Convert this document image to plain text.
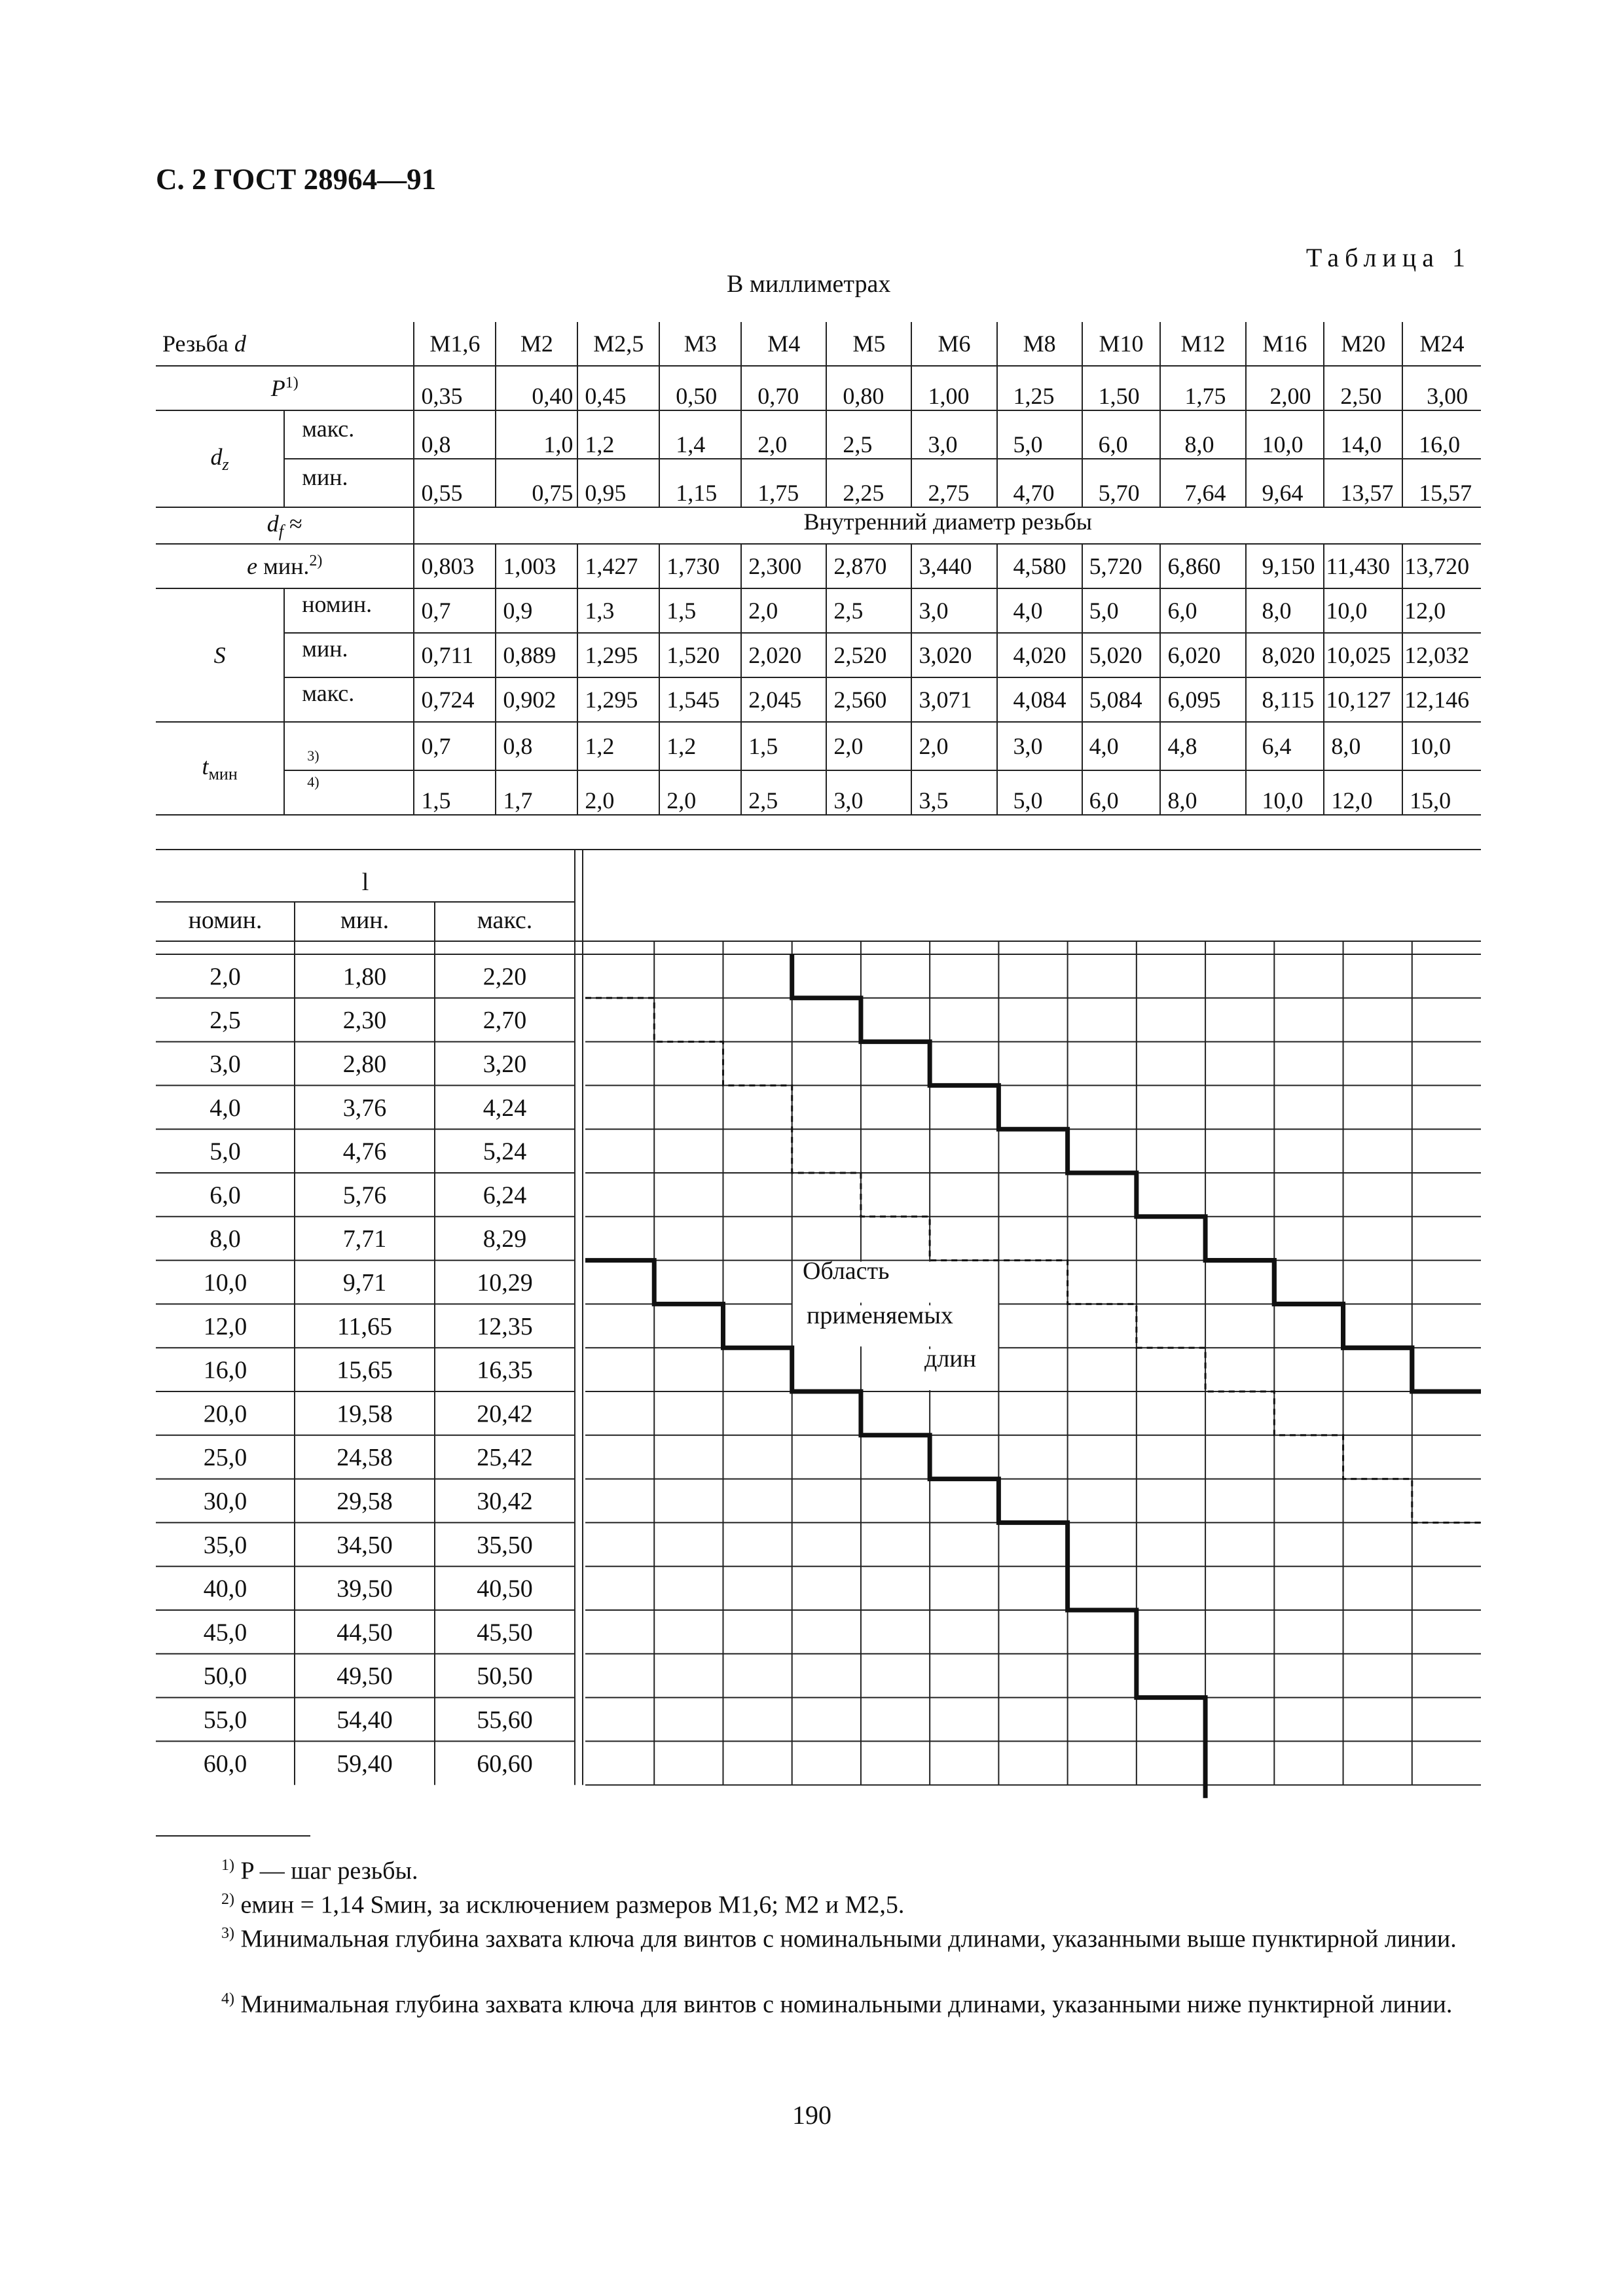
С. 2 ГОСТ 28964—91
Таблица 1
В миллиметрах
Резьба d		М1,6	М2	М2,5	М3	М4	М5	М6	М8	М10	М12	М16	М20	М24
$P^{1)}$		0,35	0,40	0,45	0,50	0,70	0,80	1,00	1,25	1,50	1,75	2,00	2,50	3,00
$d_z$	макс.	0,8	1,0	1,2	1,4	2,0	2,5	3,0	5,0	6,0	8,0	10,0	14,0	16,0
	мин.	0,55	0,75	0,95	1,15	1,75	2,25	2,75	4,70	5,70	7,64	9,64	13,57	15,57
$d_f$ ≈		Внутренний диаметр резьбы												
e мин.$^{2)}$		0,803	1,003	1,427	1,730	2,300	2,870	3,440	4,580	5,720	6,860	9,150	11,430	13,720
S	номин.	0,7	0,9	1,3	1,5	2,0	2,5	3,0	4,0	5,0	6,0	8,0	10,0	12,0
	мин.	0,711	0,889	1,295	1,520	2,020	2,520	3,020	4,020	5,020	6,020	8,020	10,025	12,032
	макс.	0,724	0,902	1,295	1,545	2,045	2,560	3,071	4,084	5,084	6,095	8,115	10,127	12,146
$t_{мин}$	3)	0,7	0,8	1,2	1,2	1,5	2,0	2,0	3,0	4,0	4,8	6,4	8,0	10,0
	4)	1,5	1,7	2,0	2,0	2,5	3,0	3,5	5,0	6,0	8,0	10,0	12,0	15,0
l
номин.	мин.	макс.
2,0	1,80	2,20
2,5	2,30	2,70
3,0	2,80	3,20
4,0	3,76	4,24
5,0	4,76	5,24
6,0	5,76	6,24
8,0	7,71	8,29
10,0	9,71	10,29
12,0	11,65	12,35
16,0	15,65	16,35
20,0	19,58	20,42
25,0	24,58	25,42
30,0	29,58	30,42
35,0	34,50	35,50
40,0	39,50	40,50
45,0	44,50	45,50
50,0	49,50	50,50
55,0	54,40	55,60
60,0	59,40	60,60
Область
применяемых
длин
$^{1)}$ P — шаг резьбы.
$^{2)}$ eмин = 1,14 Sмин, за исключением размеров М1,6; М2 и М2,5.
$^{3)}$ Минимальная глубина захвата ключа для винтов с номинальными длинами, указанными выше пунктирной линии.
$^{4)}$ Минимальная глубина захвата ключа для винтов с номинальными длинами, указанными ниже пунктирной линии.
190
